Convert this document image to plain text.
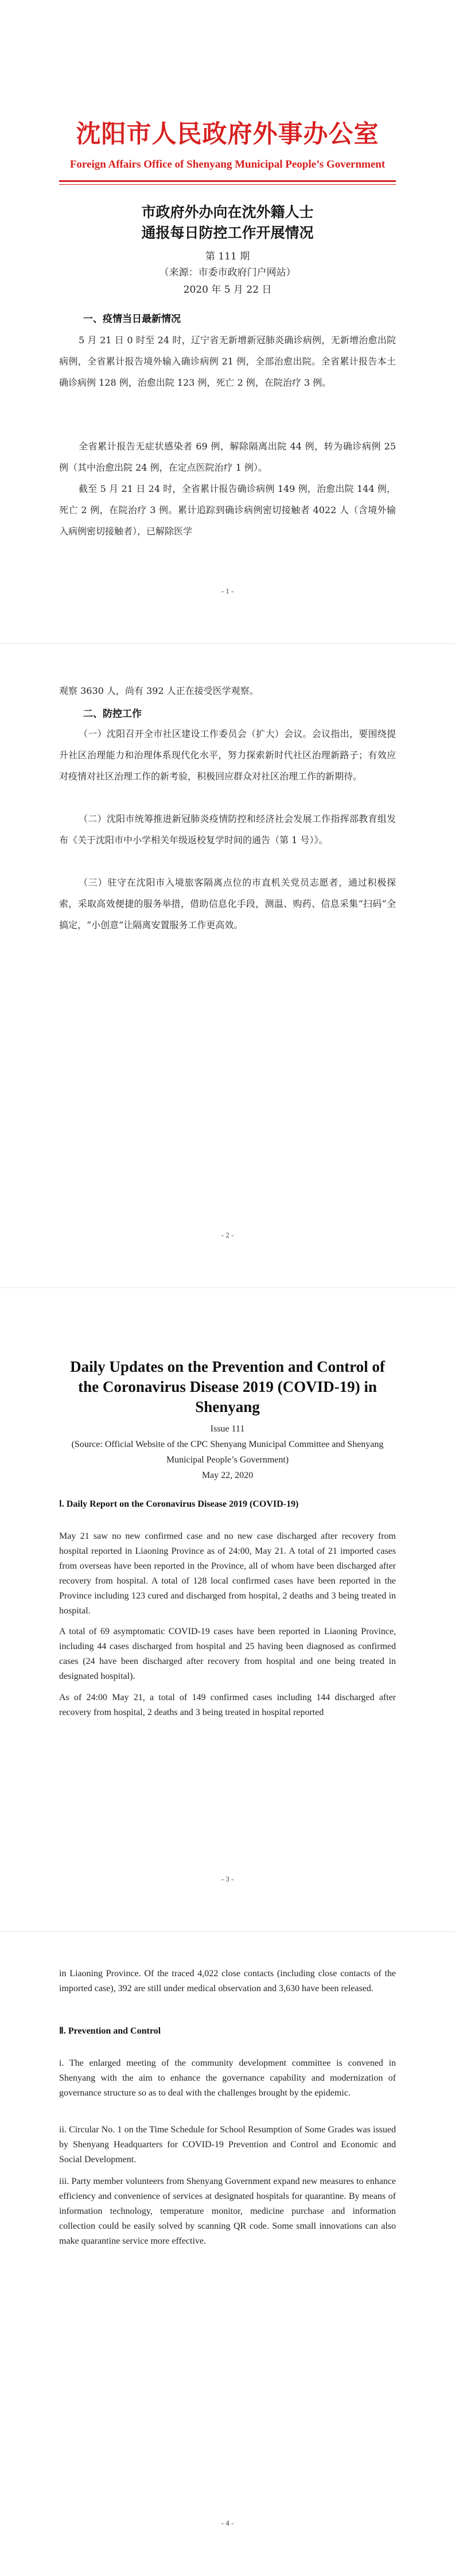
沈阳市人民政府外事办公室
Foreign Affairs Office of Shenyang Municipal People’s Government
市政府外办向在沈外籍人士
通报每日防控工作开展情况
第 111 期
（来源：市委市政府门户网站）
2020 年 5 月 22 日
一、疫情当日最新情况
5 月 21 日 0 时至 24 时，辽宁省无新增新冠肺炎确诊病例，无新增治愈出院病例，全省累计报告境外输入确诊病例 21 例，全部治愈出院。全省累计报告本土确诊病例 128 例，治愈出院 123 例，死亡 2 例，在院治疗 3 例。
全省累计报告无症状感染者 69 例，解除隔离出院 44 例，转为确诊病例 25 例（其中治愈出院 24 例，在定点医院治疗 1 例）。
截至 5 月 21 日 24 时，全省累计报告确诊病例 149 例，治愈出院 144 例，死亡 2 例，在院治疗 3 例。累计追踪到确诊病例密切接触者 4022 人（含境外输入病例密切接触者），已解除医学
- 1 -
观察 3630 人，尚有 392 人正在接受医学观察。
二、防控工作
（一）沈阳召开全市社区建设工作委员会（扩大）会议。会议指出，要围绕提升社区治理能力和治理体系现代化水平，努力探索新时代社区治理新路子；有效应对疫情对社区治理工作的新考验，积极回应群众对社区治理工作的新期待。
（二）沈阳市统筹推进新冠肺炎疫情防控和经济社会发展工作指挥部教育组发布《关于沈阳市中小学相关年级返校复学时间的通告（第 1 号）》。
（三）驻守在沈阳市入境旅客隔离点位的市直机关党员志愿者，通过积极探索，采取高效便捷的服务举措，借助信息化手段，测温、购药、信息采集“扫码”全搞定，“小创意”让隔离安置服务工作更高效。
- 2 -
Daily Updates on the Prevention and Control of the Coronavirus Disease 2019 (COVID-19) in Shenyang
Issue 111
(Source: Official Website of the CPC Shenyang Municipal Committee and Shenyang Municipal People’s Government)
May 22, 2020
Ⅰ. Daily Report on the Coronavirus Disease 2019 (COVID-19)
May 21 saw no new confirmed case and no new case discharged after recovery from hospital reported in Liaoning Province as of 24:00, May 21. A total of 21 imported cases from overseas have been reported in the Province, all of whom have been discharged after recovery from hospital. A total of 128 local confirmed cases have been reported in the Province including 123 cured and discharged from hospital, 2 deaths and 3 being treated in hospital.
A total of 69 asymptomatic COVID-19 cases have been reported in Liaoning Province, including 44 cases discharged from hospital and 25 having been diagnosed as confirmed cases (24 have been discharged after recovery from hospital and one being treated in designated hospital).
As of 24:00 May 21, a total of 149 confirmed cases including 144 discharged after recovery from hospital, 2 deaths and 3 being treated in hospital reported
- 3 -
in Liaoning Province. Of the traced 4,022 close contacts (including close contacts of the imported case), 392 are still under medical observation and 3,630 have been released.
Ⅱ. Prevention and Control
i. The enlarged meeting of the community development committee is convened in Shenyang with the aim to enhance the governance capability and modernization of governance structure so as to deal with the challenges brought by the epidemic.
ii. Circular No. 1 on the Time Schedule for School Resumption of Some Grades was issued by Shenyang Headquarters for COVID-19 Prevention and Control and Economic and Social Development.
iii. Party member volunteers from Shenyang Government expand new measures to enhance efficiency and convenience of services at designated hospitals for quarantine. By means of information technology, temperature monitor, medicine purchase and information collection could be easily solved by scanning QR code. Some small innovations can also make quarantine service more effective.
- 4 -
